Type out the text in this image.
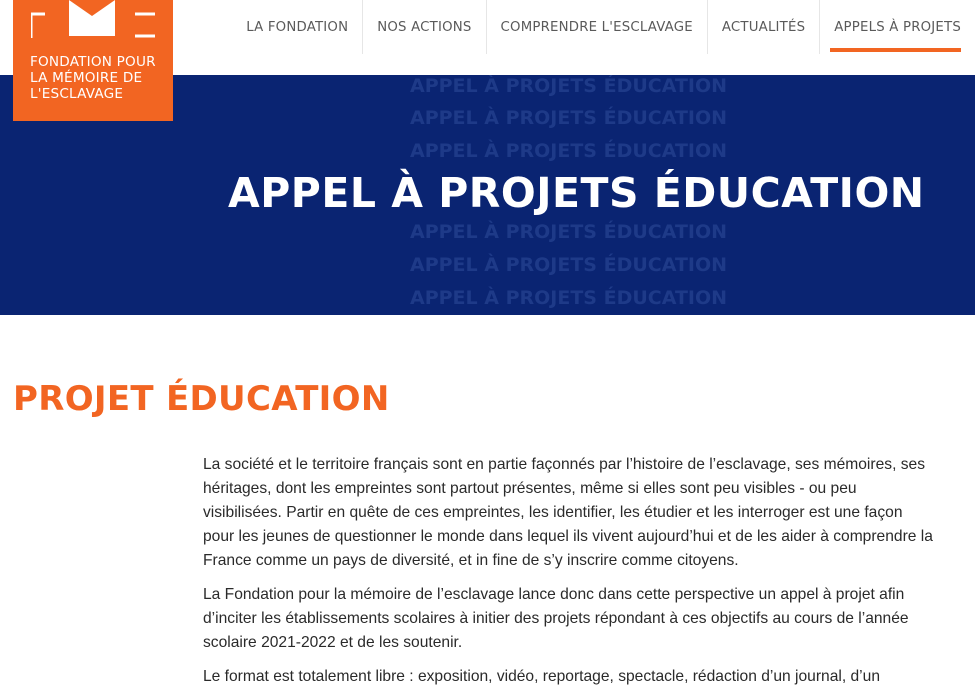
LA FONDATION NOS ACTIONS COMPRENDRE L'ESCLAVAGE ACTUALITÉS APPELS À PROJETS
FONDATION POUR
LA MÉMOIRE DE
L'ESCLAVAGE	APPEL À PROJETS ÉDUCATION
APPEL À PROJETS ÉDUCATION
APPEL À PROJETS ÉDUCATION
APPEL À PROJETS ÉDUCATION
APPEL À PROJETS ÉDUCATION
APPEL À PROJETS ÉDUCATION
APPEL À PROJETS ÉDUCATION
PROJET ÉDUCATION

La société et le territoire français sont en partie façonnés par l’histoire de l’esclavage, ses mémoires, ses héritages, dont les empreintes sont partout présentes, même si elles sont peu visibles - ou peu visibilisées. Partir en quête de ces empreintes, les identifier, les étudier et les interroger est une façon pour les jeunes de questionner le monde dans lequel ils vivent aujourd’hui et de les aider à comprendre la France comme un pays de diversité, et in fine de s’y inscrire comme citoyens.

La Fondation pour la mémoire de l’esclavage lance donc dans cette perspective un appel à projet afin d’inciter les établissements scolaires à initier des projets répondant à ces objectifs au cours de l’année scolaire 2021-2022 et de les soutenir.

Le format est totalement libre : exposition, vidéo, reportage, spectacle, rédaction d’un journal, d’un
